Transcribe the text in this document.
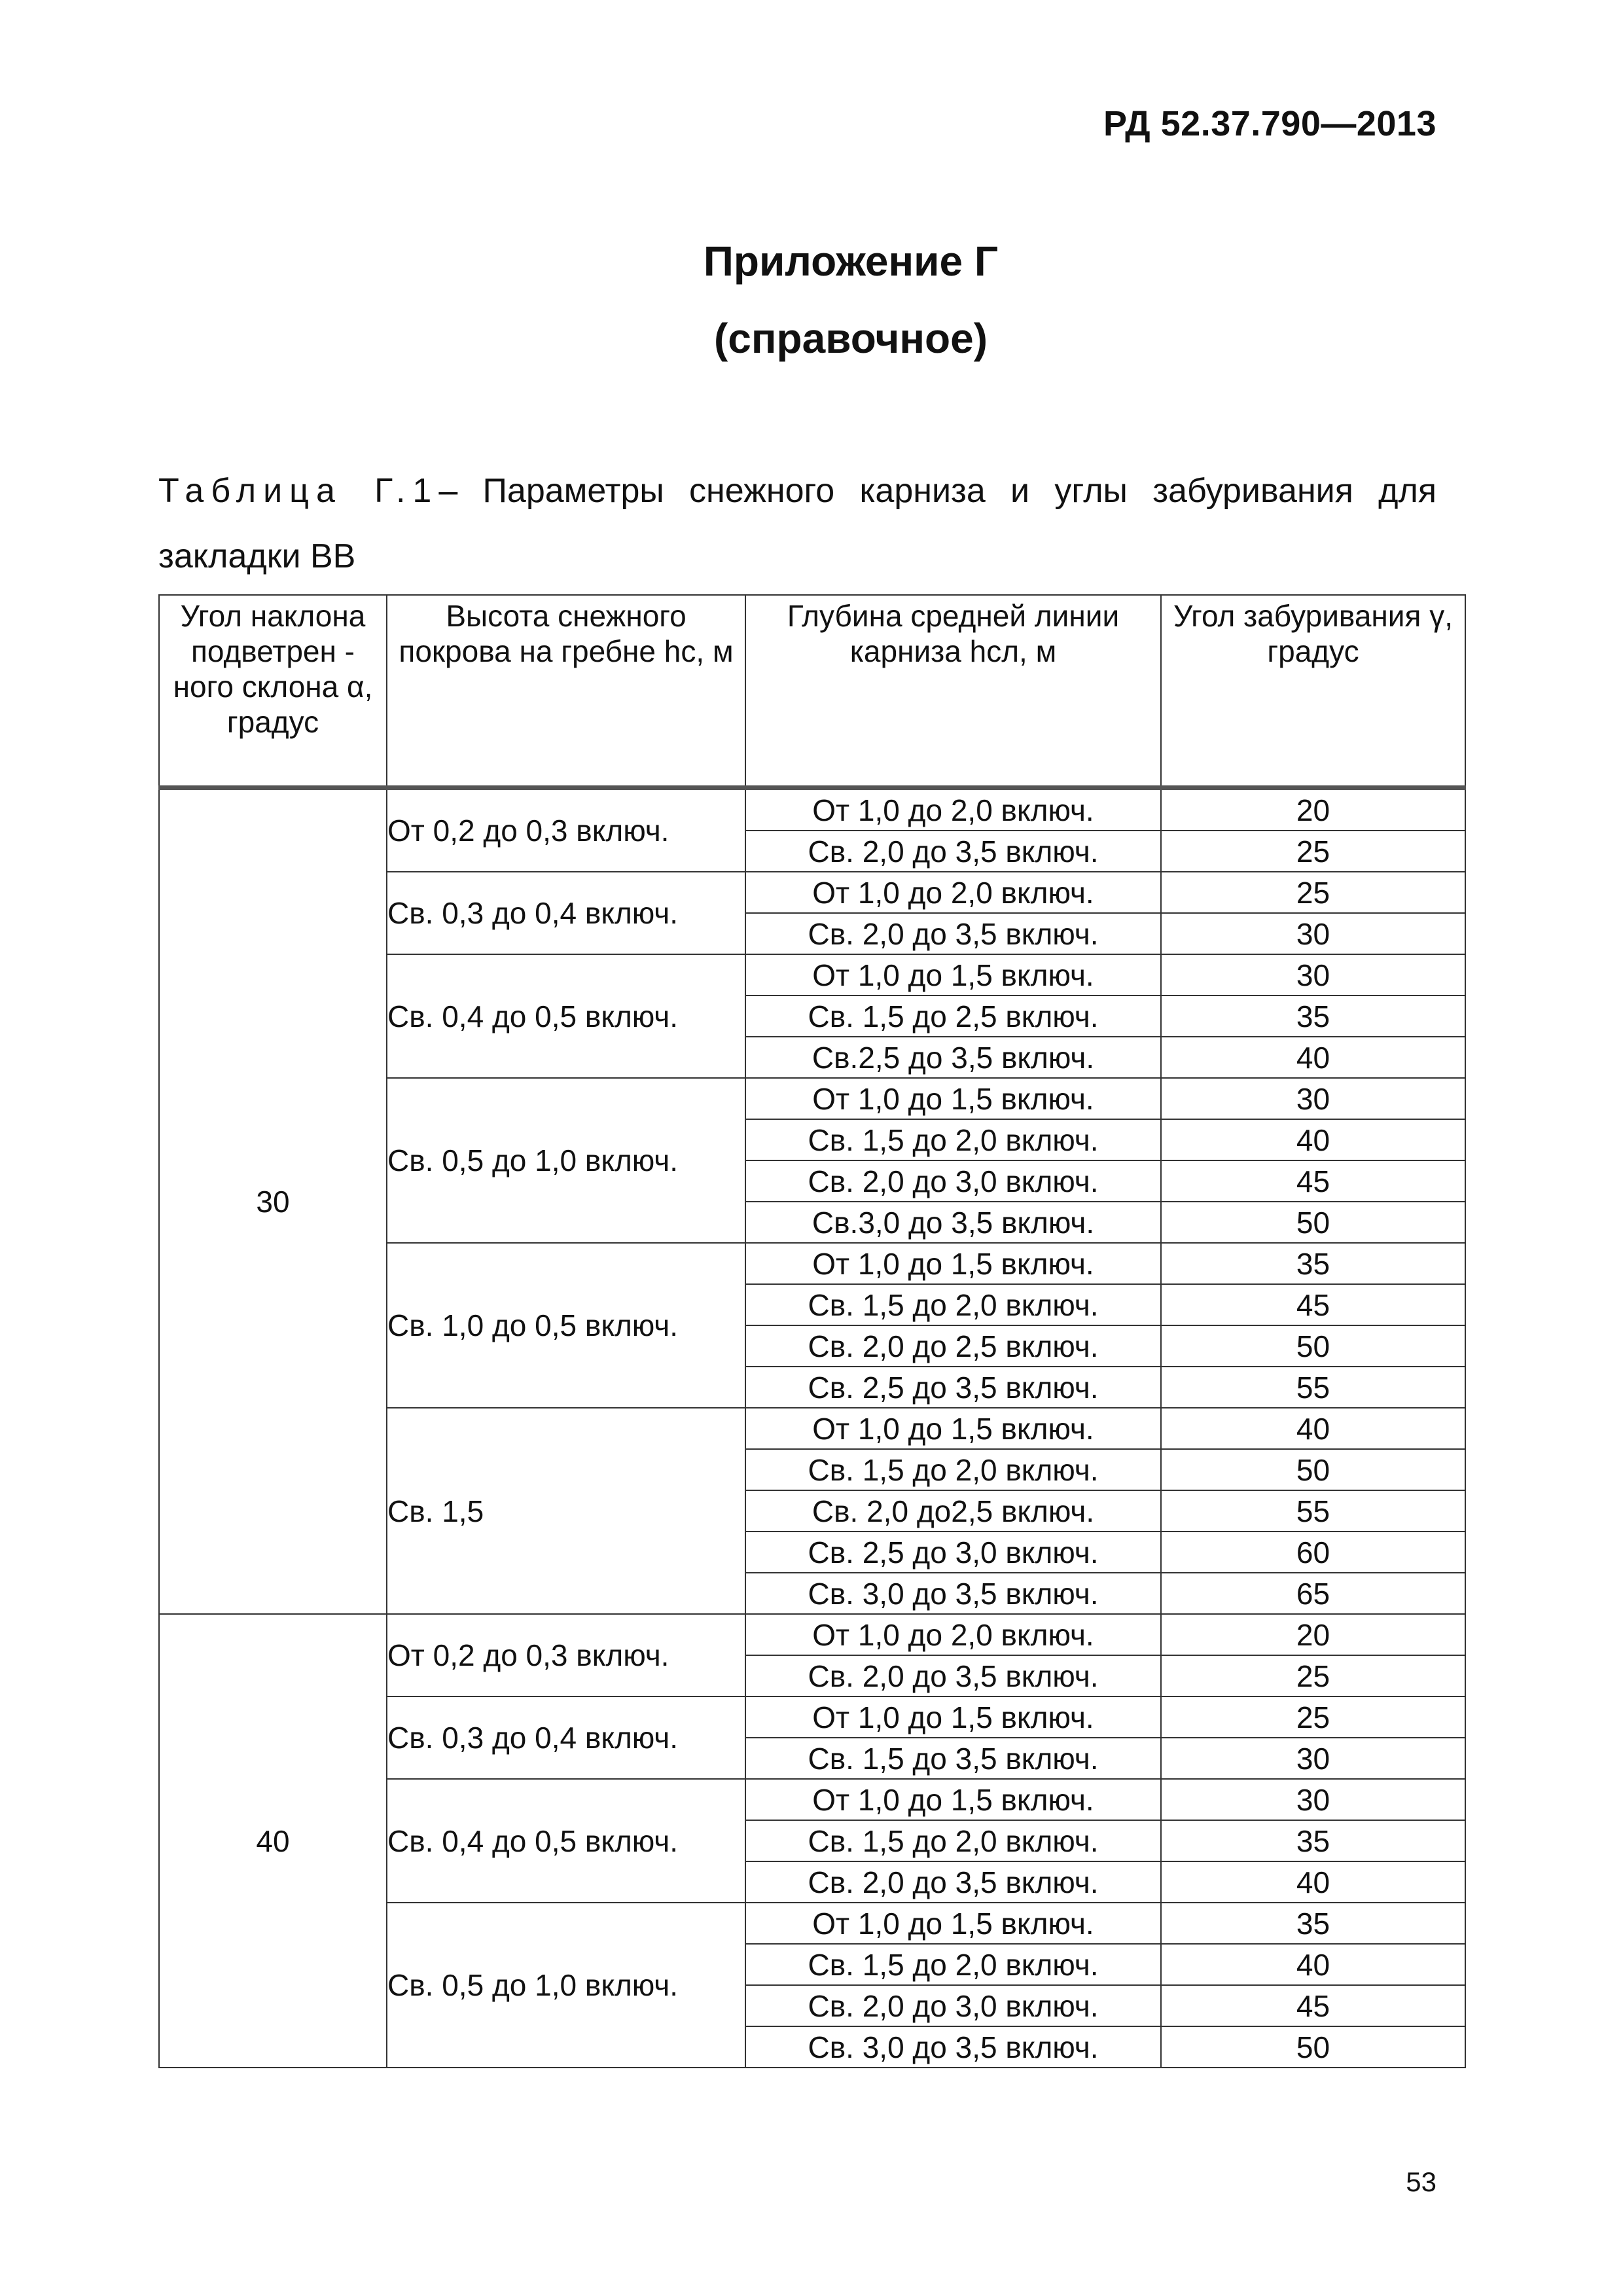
РД 52.37.790—2013
Приложение Г
(справочное)
Таблица Г.1– Параметры снежного карниза и углы забуривания для закладки ВВ
Угол наклона подветрен - ного склона α, градус	Высота снежного покрова на гребне hc, м	Глубина средней линии карниза hсл, м	Угол забуривания γ, градус
30	От 0,2 до 0,3 включ.	От 1,0 до 2,0 включ.	20
		Св. 2,0 до 3,5 включ.	25
	Св. 0,3 до 0,4 включ.	От 1,0 до 2,0 включ.	25
		Св. 2,0 до 3,5 включ.	30
	Св. 0,4 до 0,5 включ.	От 1,0 до 1,5 включ.	30
		Св. 1,5 до 2,5 включ.	35
		Св.2,5 до 3,5 включ.	40
	Св. 0,5 до 1,0 включ.	От 1,0 до 1,5 включ.	30
		Св. 1,5 до 2,0 включ.	40
		Св. 2,0 до 3,0 включ.	45
		Св.3,0 до 3,5 включ.	50
	Св. 1,0 до 0,5 включ.	От 1,0 до 1,5 включ.	35
		Св. 1,5 до 2,0 включ.	45
		Св. 2,0 до 2,5 включ.	50
		Св. 2,5 до 3,5 включ.	55
	Св. 1,5	От 1,0 до 1,5 включ.	40
		Св. 1,5 до 2,0 включ.	50
		Св. 2,0 до2,5 включ.	55
		Св. 2,5 до 3,0 включ.	60
		Св. 3,0 до 3,5 включ.	65
40	От 0,2 до 0,3 включ.	От 1,0 до 2,0 включ.	20
		Св. 2,0 до 3,5 включ.	25
	Св. 0,3 до 0,4 включ.	От 1,0 до 1,5 включ.	25
		Св. 1,5 до 3,5 включ.	30
	Св. 0,4 до 0,5 включ.	От 1,0 до 1,5 включ.	30
		Св. 1,5 до 2,0 включ.	35
		Св. 2,0 до 3,5 включ.	40
	Св. 0,5 до 1,0 включ.	От 1,0 до 1,5 включ.	35
		Св. 1,5 до 2,0 включ.	40
		Св. 2,0 до 3,0 включ.	45
		Св. 3,0 до 3,5 включ.	50
53
